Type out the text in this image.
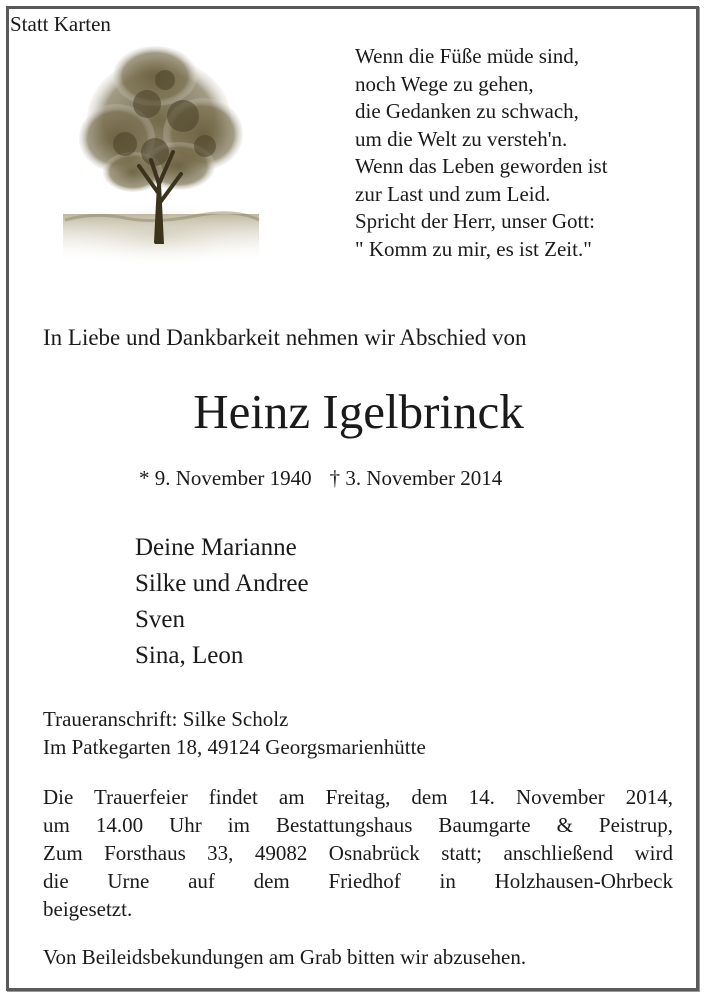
Statt Karten
Wenn die Füße müde sind,
noch Wege zu gehen,
die Gedanken zu schwach,
um die Welt zu versteh'n.
Wenn das Leben geworden ist
zur Last und zum Leid.
Spricht der Herr, unser Gott:
" Komm zu mir, es ist Zeit."
In Liebe und Dankbarkeit nehmen wir Abschied von
Heinz Igelbrinck
* 9. November 1940 † 3. November 2014
Deine Marianne
Silke und Andree
Sven
Sina, Leon
Traueranschrift: Silke Scholz
Im Patkegarten 18, 49124 Georgsmarienhütte
Die Trauerfeier findet am Freitag, dem 14. November 2014,
um 14.00 Uhr im Bestattungshaus Baumgarte & Peistrup,
Zum Forsthaus 33, 49082 Osnabrück statt; anschließend wird
die Urne auf dem Friedhof in Holzhausen-Ohrbeck
beigesetzt.
Von Beileidsbekundungen am Grab bitten wir abzusehen.
